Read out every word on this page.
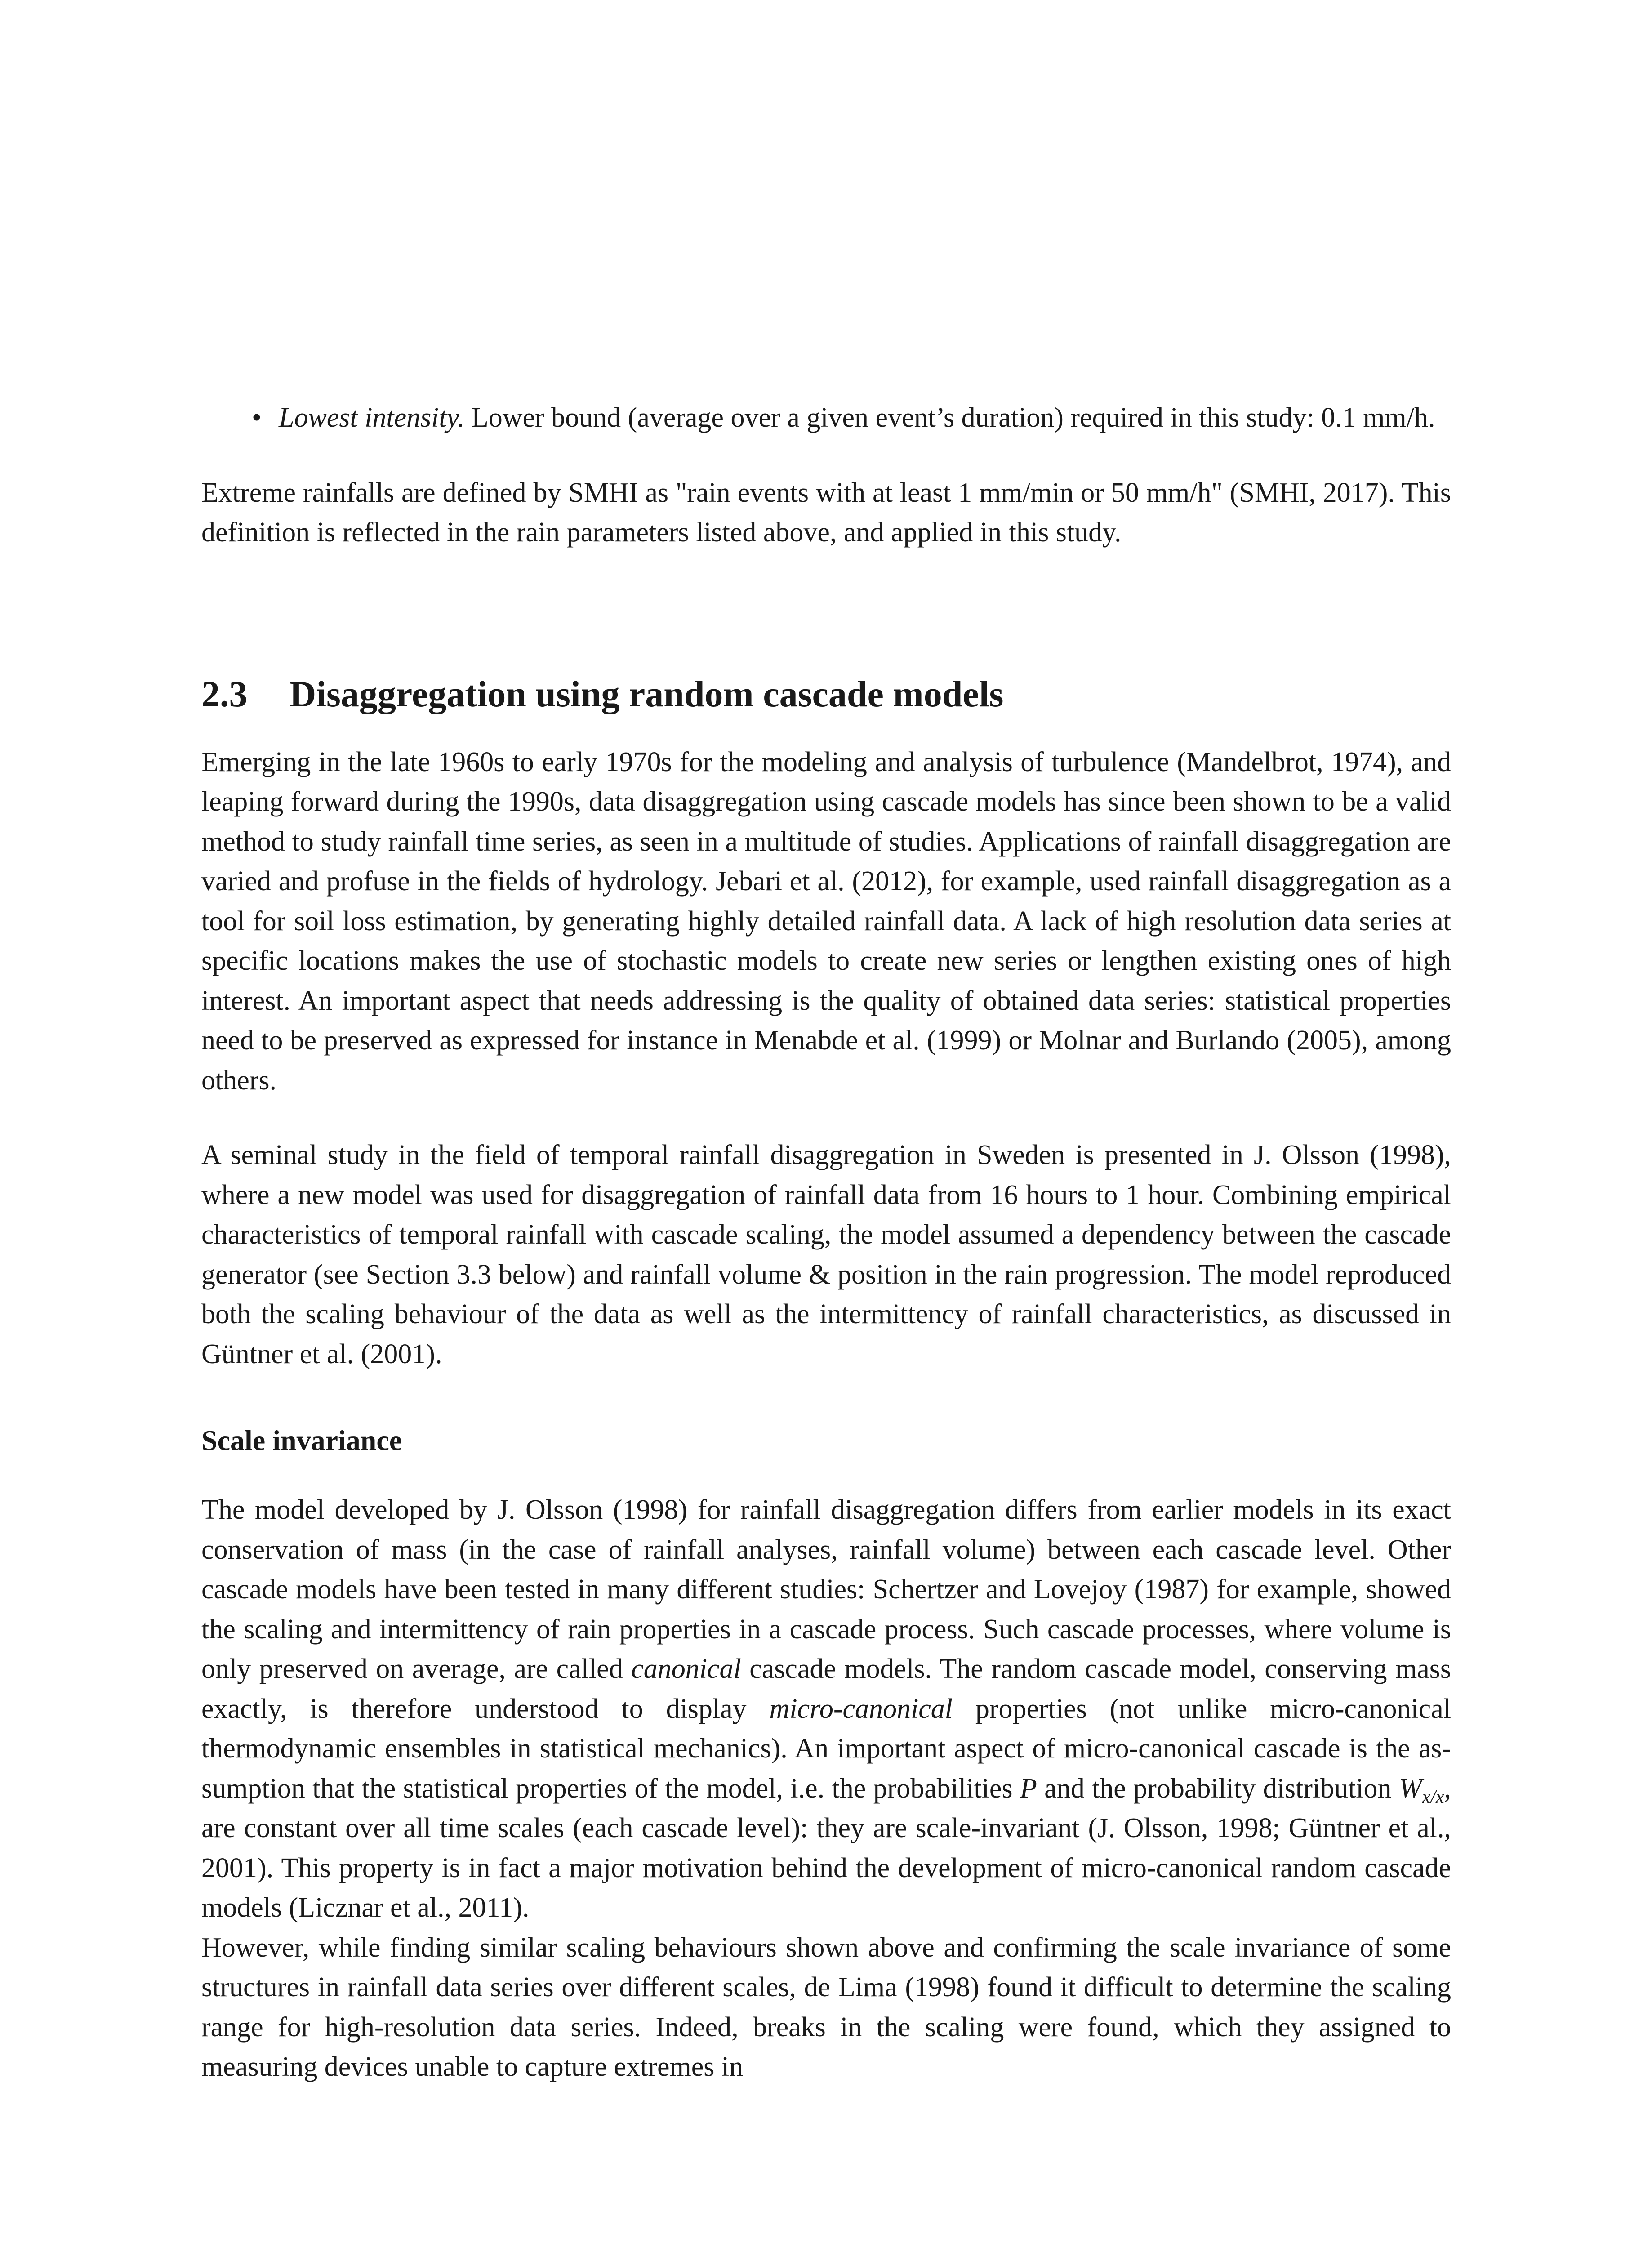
• Lowest intensity. Lower bound (average over a given event’s duration) required in this study: 0.1 mm/h.

Extreme rainfalls are defined by SMHI as "rain events with at least 1 mm/min or 50 mm/h" (SMHI, 2017). This definition is reflected in the rain parameters listed above, and applied in this study.

2.3	Disaggregation using random cascade models

Emerging in the late 1960s to early 1970s for the modeling and analysis of turbulence (Mandelbrot, 1974), and leaping forward during the 1990s, data disaggregation using cascade models has since been shown to be a valid method to study rainfall time series, as seen in a multitude of studies. Applications of rainfall disaggregation are varied and profuse in the fields of hydrology. Jebari et al. (2012), for example, used rainfall disaggregation as a tool for soil loss estimation, by generating highly detailed rainfall data. A lack of high resolution data series at specific locations makes the use of stochastic models to create new series or lengthen existing ones of high interest. An important aspect that needs addressing is the quality of obtained data series: statistical properties need to be preserved as expressed for instance in Menabde et al. (1999) or Molnar and Burlando (2005), among others.

A seminal study in the field of temporal rainfall disaggregation in Sweden is presented in J. Olsson (1998), where a new model was used for disaggregation of rainfall data from 16 hours to 1 hour. Combining empirical characteristics of temporal rainfall with cascade scaling, the model assumed a dependency between the cascade generator (see Section 3.3 below) and rainfall volume & position in the rain progression. The model reproduced both the scaling behaviour of the data as well as the intermittency of rainfall characteristics, as discussed in Güntner et al. (2001).

Scale invariance

The model developed by J. Olsson (1998) for rainfall disaggregation differs from earlier models in its exact conservation of mass (in the case of rainfall analyses, rainfall volume) between each cascade level. Other cascade models have been tested in many different studies: Schertzer and Lovejoy (1987) for example, showed the scaling and intermittency of rain properties in a cascade process. Such cascade processes, where volume is only preserved on average, are called canonical cascade models. The random cascade model, conserving mass exactly, is therefore understood to display micro-canonical properties (not unlike micro-canonical thermodynamic ensembles in statistical mechanics). An important aspect of micro-canonical cascade is the assumption that the statistical properties of the model, i.e. the probabilities P and the probability distribution $W_{x/x}$, are constant over all time scales (each cascade level): they are scale-invariant (J. Olsson, 1998; Güntner et al., 2001). This property is in fact a major motivation behind the development of micro-canonical random cascade models (Licznar et al., 2011).

However, while finding similar scaling behaviours shown above and confirming the scale invariance of some structures in rainfall data series over different scales, de Lima (1998) found it difficult to determine the scaling range for high-resolution data series. Indeed, breaks in the scaling were found, which they assigned to measuring devices unable to capture extremes in
